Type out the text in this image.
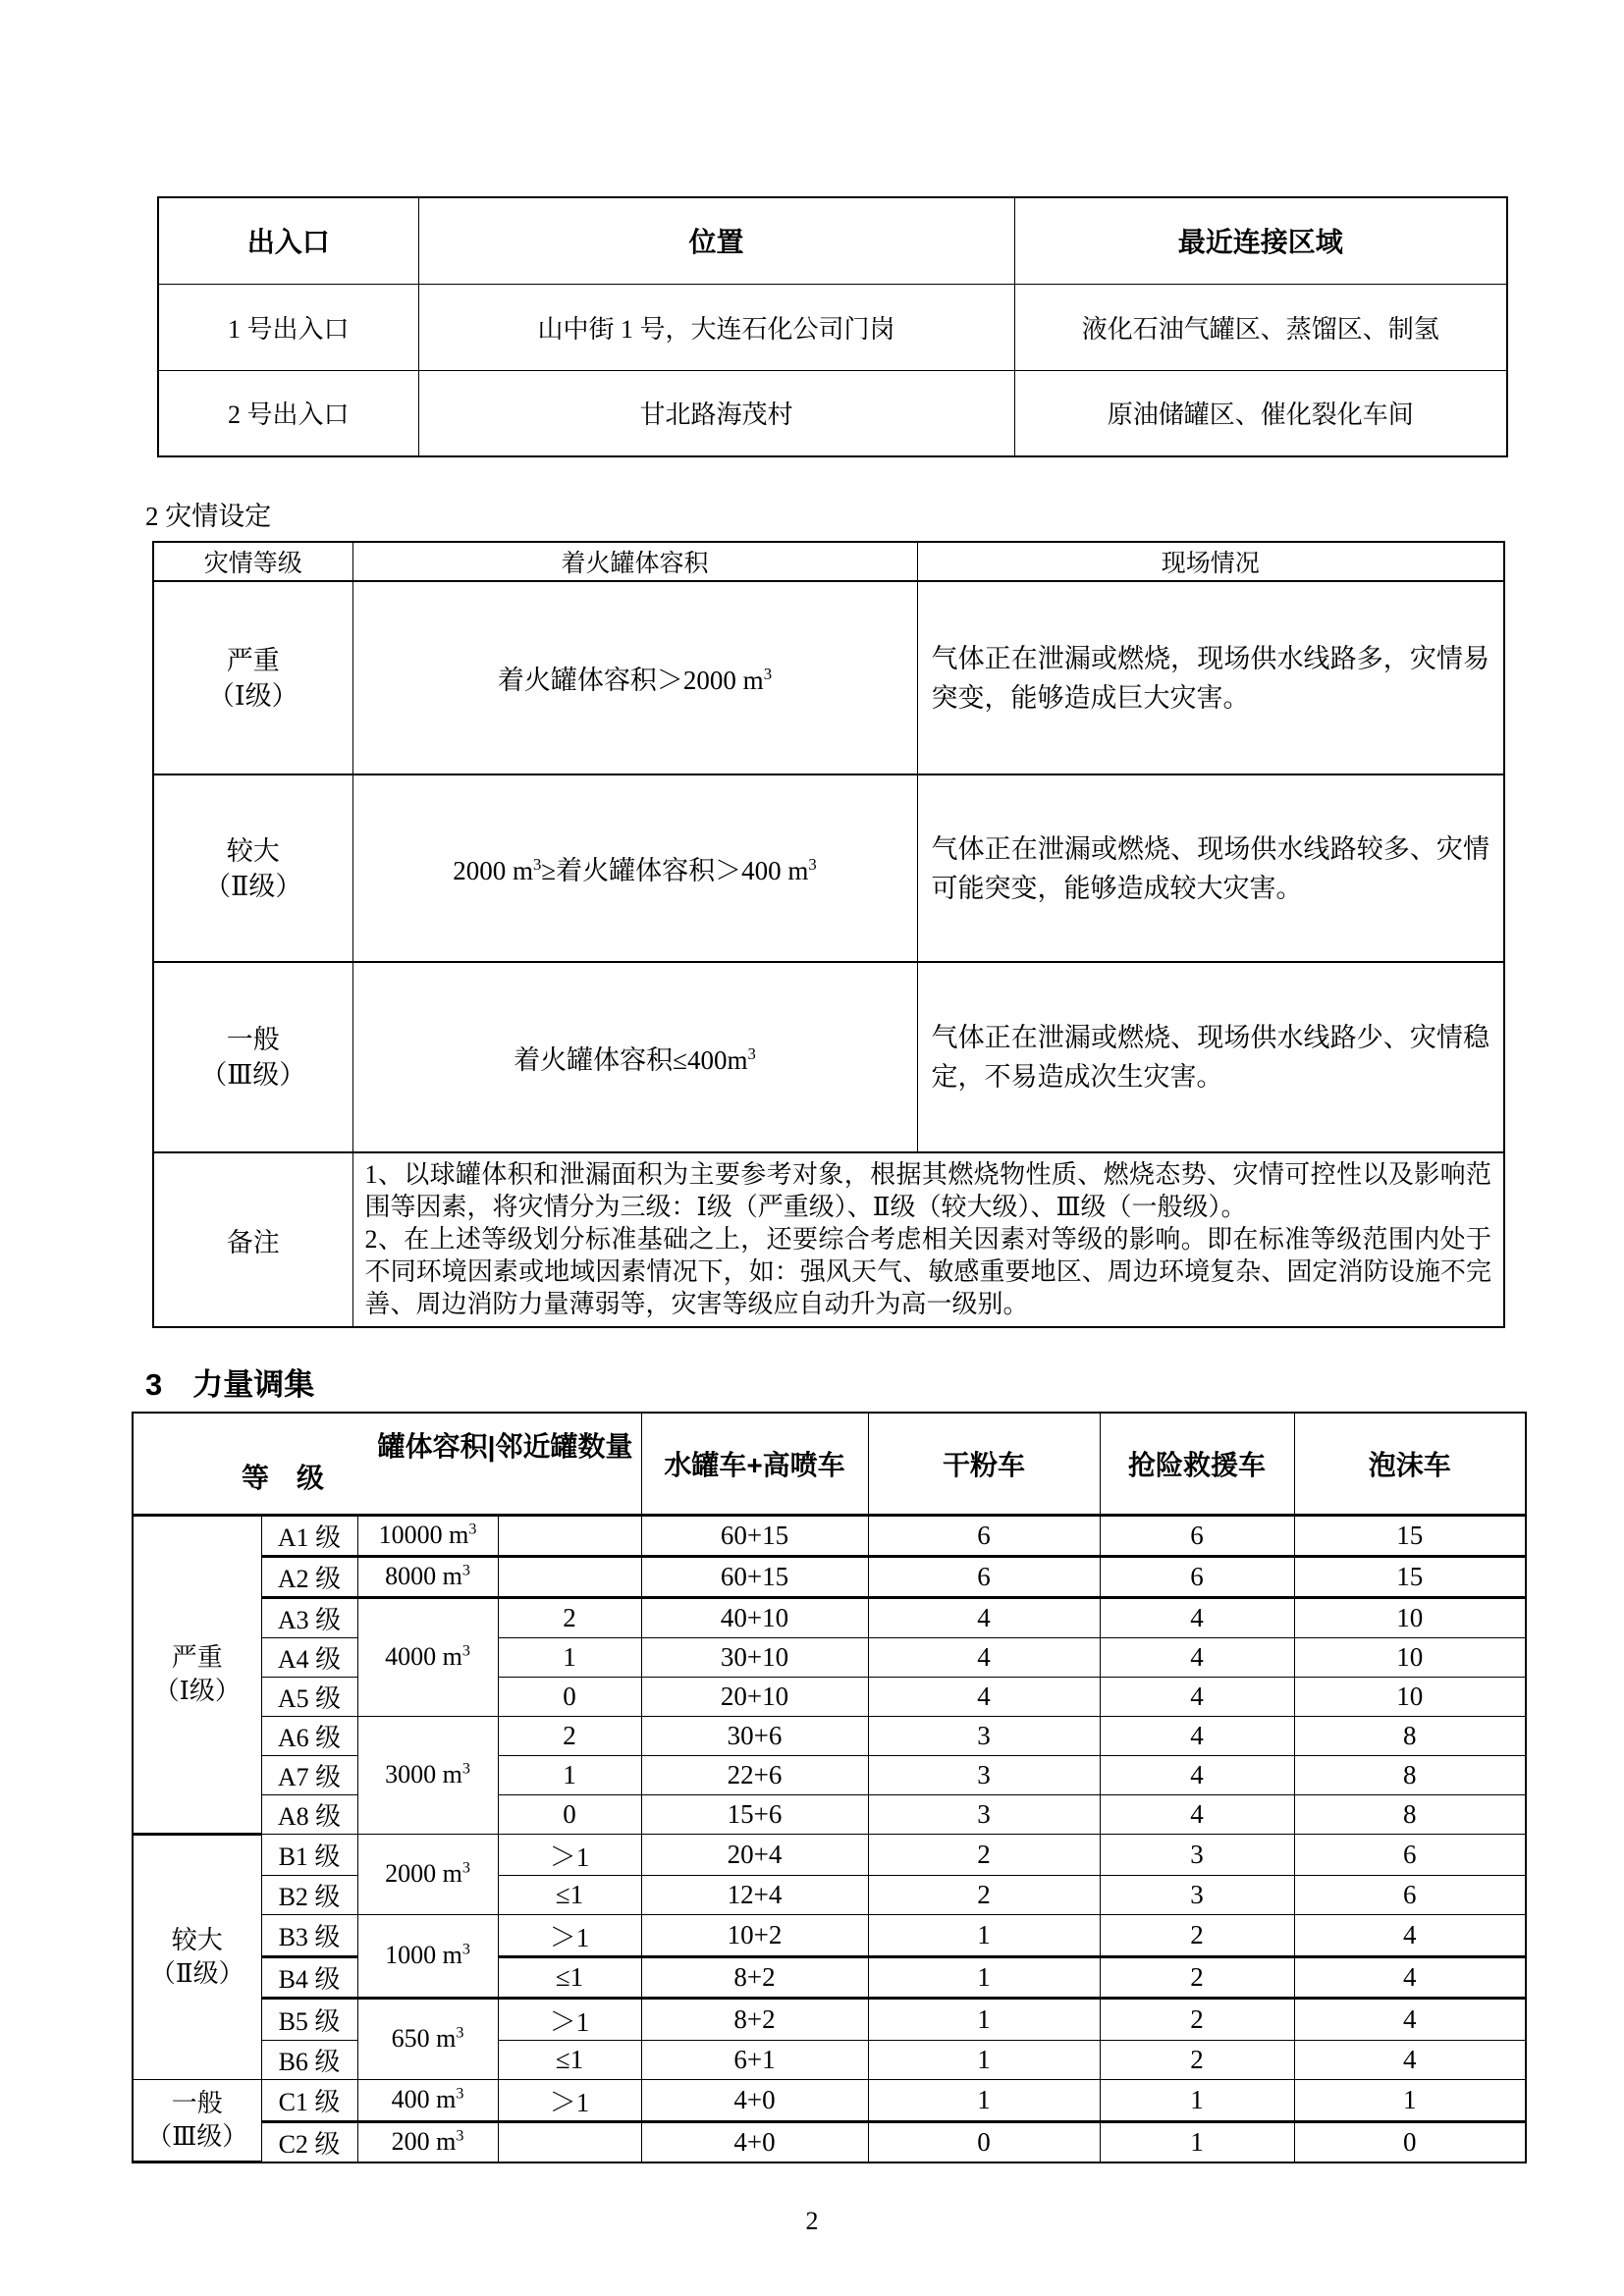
出入口	位置	最近连接区域
1 号出入口	山中街 1 号，大连石化公司门岗	液化石油气罐区、蒸馏区、制氢
2 号出入口	甘北路海茂村	原油储罐区、催化裂化车间
2 灾情设定
灾情等级	着火罐体容积	现场情况

严重
（Ⅰ级）	着火罐体容积＞2000 $m^3$	气体正在泄漏或燃烧，现场供水线路多，灾情易突变，能够造成巨大灾害。

较大
（Ⅱ级）	2000 $m^3\ge$着火罐体容积＞400 $m^3$	气体正在泄漏或燃烧、现场供水线路较多、灾情可能突变，能够造成较大灾害。

一般
（Ⅲ级）	着火罐体容积$\le 400m^3$	气体正在泄漏或燃烧、现场供水线路少、灾情稳定，不易造成次生灾害。
备注	1、以球罐体积和泄漏面积为主要参考对象，根据其燃烧物性质、燃烧态势、灾情可控性以及影响范围等因素，将灾情分为三级：Ⅰ级（严重级）、Ⅱ级（较大级）、Ⅲ级（一般级）。
2、在上述等级划分标准基础之上，还要综合考虑相关因素对等级的影响。即在标准等级范围内处于不同环境因素或地域因素情况下，如：强风天气、敏感重要地区、周边环境复杂、固定消防设施不完善、周边消防力量薄弱等，灾害等级应自动升为高一级别。	
3　力量调集
罐体容积|邻近罐数量
等　级				水罐车+高喷车	干粉车	抢险救援车	泡沫车

严重
（Ⅰ级）	A1 级	10000 $m^3$		60+15	6	6	15
	A2 级	8000 $m^3$		60+15	6	6	15
	A3 级	4000 $m^3$	2	40+10	4	4	10
	A4 级		1	30+10	4	4	10
	A5 级		0	20+10	4	4	10
	A6 级	3000 $m^3$	2	30+6	3	4	8
	A7 级		1	22+6	3	4	8
	A8 级		0	15+6	3	4	8

较大
（Ⅱ级）	B1 级	2000 $m^3$	＞1	20+4	2	3	6
	B2 级		≤1	12+4	2	3	6
	B3 级	1000 $m^3$	＞1	10+2	1	2	4
	B4 级		≤1	8+2	1	2	4
	B5 级	650 $m^3$	＞1	8+2	1	2	4
	B6 级		≤1	6+1	1	2	4

一般
（Ⅲ级）	C1 级	400 $m^3$	＞1	4+0	1	1	1
	C2 级	200 $m^3$		4+0	0	1	0
2
